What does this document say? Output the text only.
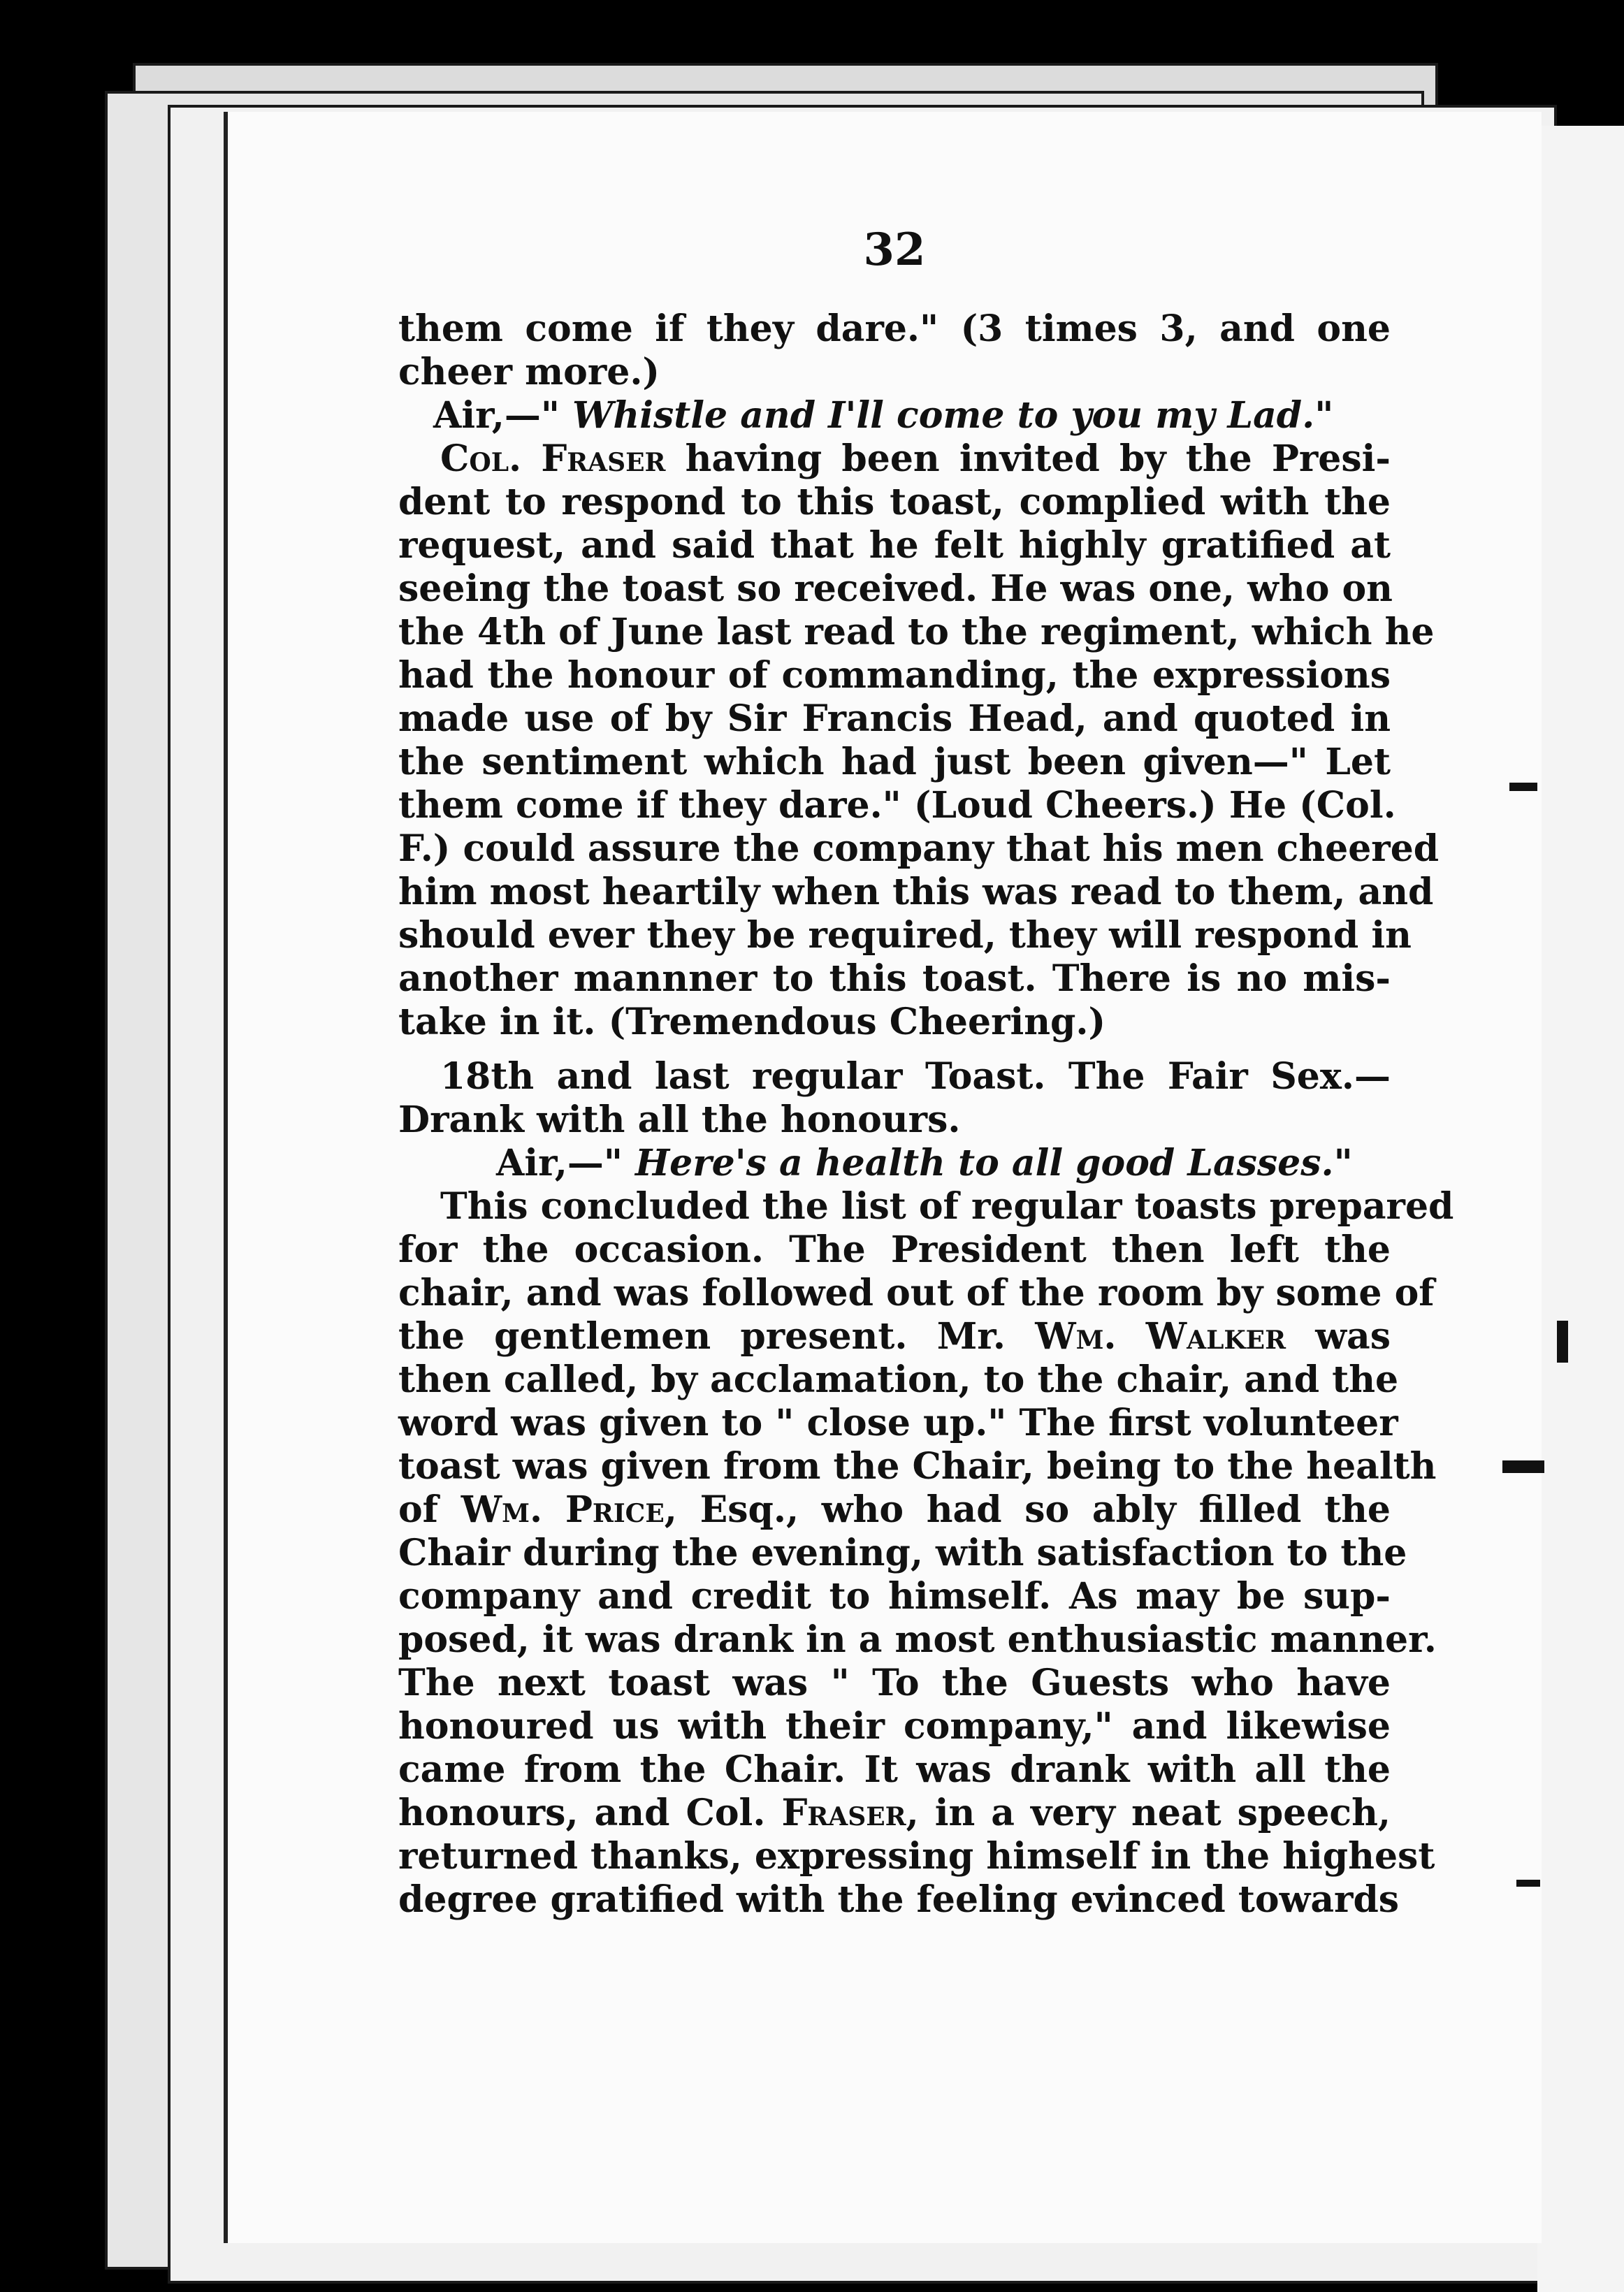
32
them come if they dare." (3 times 3, and one
cheer more.)
Air,—" Whistle and I'll come to you my Lad."
Col. Fraser having been invited by the Presi-
dent to respond to this toast, complied with the
request, and said that he felt highly gratified at
seeing the toast so received. He was one, who on
the 4th of June last read to the regiment, which he
had the honour of commanding, the expressions
made use of by Sir Francis Head, and quoted in
the sentiment which had just been given—" Let
them come if they dare." (Loud Cheers.) He (Col.
F.) could assure the company that his men cheered
him most heartily when this was read to them, and
should ever they be required, they will respond in
another mannner to this toast. There is no mis-
take in it. (Tremendous Cheering.)
18th and last regular Toast. The Fair Sex.—
Drank with all the honours.
Air,—" Here's a health to all good Lasses."
This concluded the list of regular toasts prepared
for the occasion. The President then left the
chair, and was followed out of the room by some of
the gentlemen present. Mr. Wm. Walker was
then called, by acclamation, to the chair, and the
word was given to " close up." The first volunteer
toast was given from the Chair, being to the health
of Wm. Price, Esq., who had so ably filled the
Chair during the evening, with satisfaction to the
company and credit to himself. As may be sup-
posed, it was drank in a most enthusiastic manner.
The next toast was " To the Guests who have
honoured us with their company," and likewise
came from the Chair. It was drank with all the
honours, and Col. Fraser, in a very neat speech,
returned thanks, expressing himself in the highest
degree gratified with the feeling evinced towards
